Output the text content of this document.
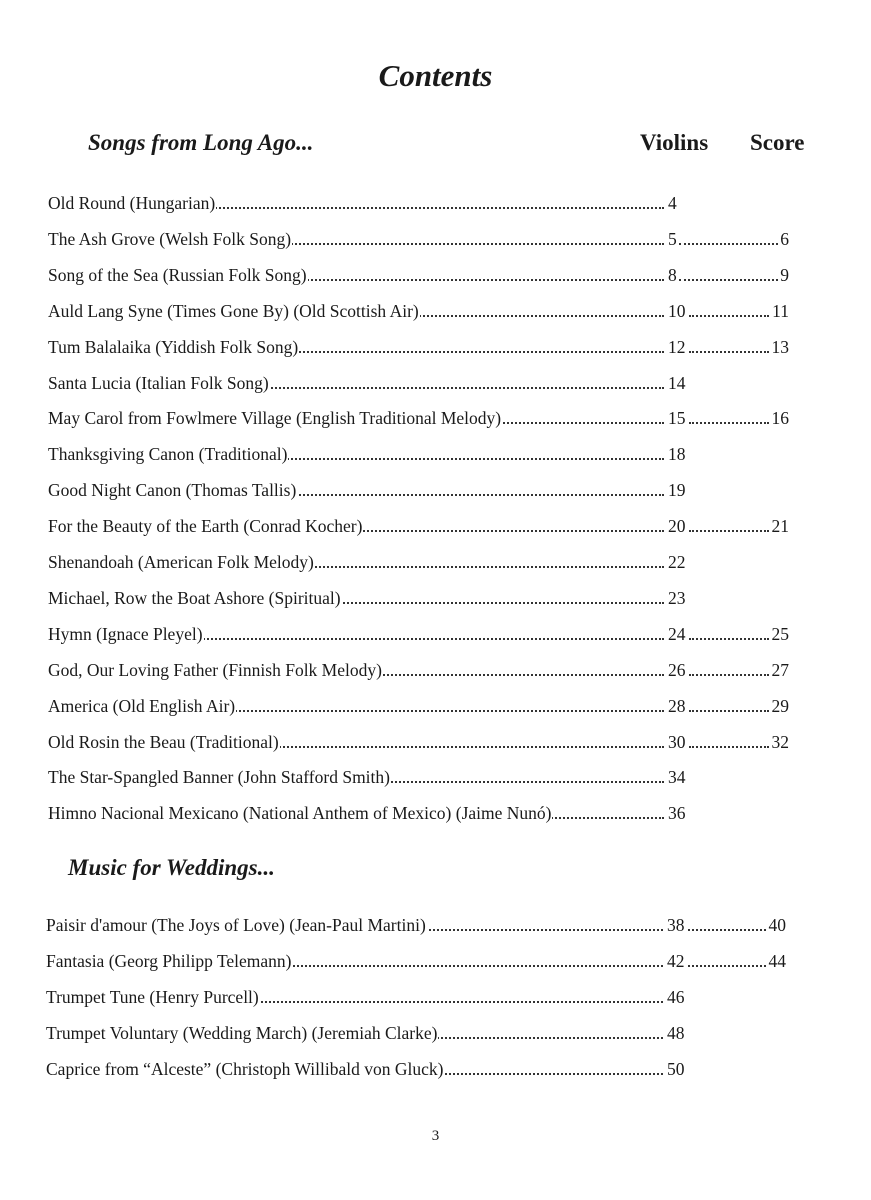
Contents
Songs from Long Ago...	Violins Score
Old Round (Hungarian)	4
The Ash Grove (Welsh Folk Song)	5	6
Song of the Sea (Russian Folk Song)	8	9
Auld Lang Syne (Times Gone By) (Old Scottish Air)	10	11
Tum Balalaika (Yiddish Folk Song)	12	13
Santa Lucia (Italian Folk Song)	14
May Carol from Fowlmere Village (English Traditional Melody)	15	16
Thanksgiving Canon (Traditional)	18
Good Night Canon (Thomas Tallis)	19
For the Beauty of the Earth (Conrad Kocher)	20	21
Shenandoah (American Folk Melody)	22
Michael, Row the Boat Ashore (Spiritual)	23
Hymn (Ignace Pleyel)	24	25
God, Our Loving Father (Finnish Folk Melody)	26	27
America (Old English Air)	28	29
Old Rosin the Beau (Traditional)	30	32
The Star-Spangled Banner (John Stafford Smith)	34
Himno Nacional Mexicano (National Anthem of Mexico) (Jaime Nunó)	36
Music for Weddings...
Paisir d'amour (The Joys of Love) (Jean-Paul Martini)	38	40
Fantasia (Georg Philipp Telemann)	42	44
Trumpet Tune (Henry Purcell)	46
Trumpet Voluntary (Wedding March) (Jeremiah Clarke)	48
Caprice from “Alceste” (Christoph Willibald von Gluck)	50
3
